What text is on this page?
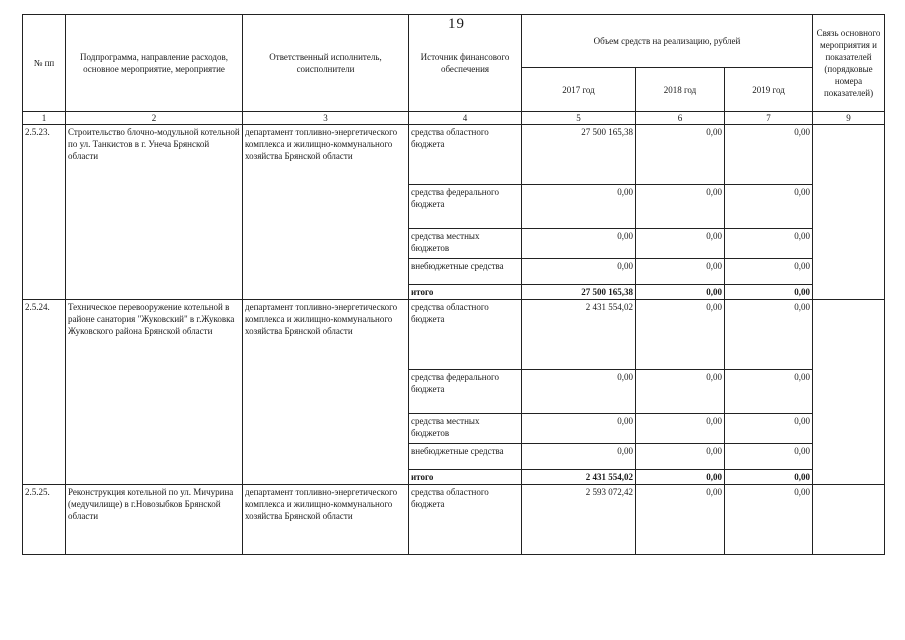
19
№ пп	Подпрограмма, направление расходов, основное мероприятие, мероприятие	Ответственный исполнитель, соисполнители	Источник финансового обеспечения	Объем средств на реализацию, рублей			Связь основного мероприятия и показателей (порядковые номера показателей)
				2017 год	2018 год	2019 год	
1	2	3	4	5	6	7	9
2.5.23.	Строительство блочно-модульной котельной по ул. Танкистов в г. Унеча Брянской области	департамент топливно-энергетического комплекса и жилищно-коммунального хозяйства Брянской области	средства областного бюджета	27 500 165,38	0,00	0,00	
			средства федерального бюджета	0,00	0,00	0,00	
			средства местных бюджетов	0,00	0,00	0,00	
			внебюджетные средства	0,00	0,00	0,00	
			итого	27 500 165,38	0,00	0,00	
2.5.24.	Техническое перевооружение котельной в районе санатория "Жуковский" в г.Жуковка Жуковского района Брянской области	департамент топливно-энергетического комплекса и жилищно-коммунального хозяйства Брянской области	средства областного бюджета	2 431 554,02	0,00	0,00	
			средства федерального бюджета	0,00	0,00	0,00	
			средства местных бюджетов	0,00	0,00	0,00	
			внебюджетные средства	0,00	0,00	0,00	
			итого	2 431 554,02	0,00	0,00	
2.5.25.	Реконструкция котельной по ул. Мичурина (медучилище) в г.Новозыбков Брянской области	департамент топливно-энергетического комплекса и жилищно-коммунального хозяйства Брянской области	средства областного бюджета	2 593 072,42	0,00	0,00	
